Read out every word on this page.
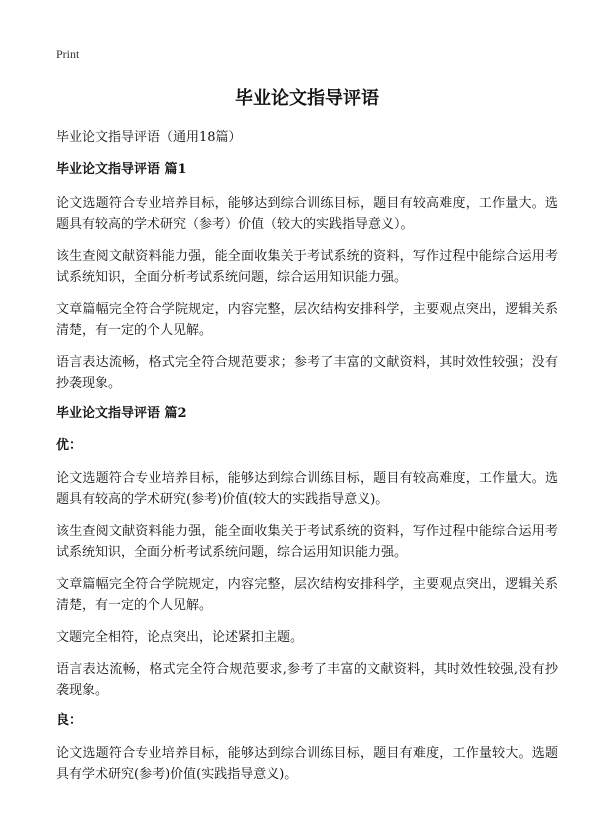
Print
毕业论文指导评语
毕业论文指导评语（通用18篇）
毕业论文指导评语 篇1

论文选题符合专业培养目标，能够达到综合训练目标，题目有较高难度，工作量大。选题具有较高的学术研究（参考）价值（较大的实践指导意义）。

该生查阅文献资料能力强，能全面收集关于考试系统的资料，写作过程中能综合运用考试系统知识，全面分析考试系统问题，综合运用知识能力强。

文章篇幅完全符合学院规定，内容完整，层次结构安排科学，主要观点突出，逻辑关系清楚，有一定的个人见解。

语言表达流畅，格式完全符合规范要求；参考了丰富的文献资料，其时效性较强；没有抄袭现象。

毕业论文指导评语 篇2
优：

论文选题符合专业培养目标，能够达到综合训练目标，题目有较高难度，工作量大。选题具有较高的学术研究(参考)价值(较大的实践指导意义)。

该生查阅文献资料能力强，能全面收集关于考试系统的资料，写作过程中能综合运用考试系统知识，全面分析考试系统问题，综合运用知识能力强。

文章篇幅完全符合学院规定，内容完整，层次结构安排科学，主要观点突出，逻辑关系清楚，有一定的个人见解。

文题完全相符，论点突出，论述紧扣主题。

语言表达流畅，格式完全符合规范要求,参考了丰富的文献资料，其时效性较强,没有抄袭现象。

良：

论文选题符合专业培养目标，能够达到综合训练目标，题目有难度，工作量较大。选题具有学术研究(参考)价值(实践指导意义)。
